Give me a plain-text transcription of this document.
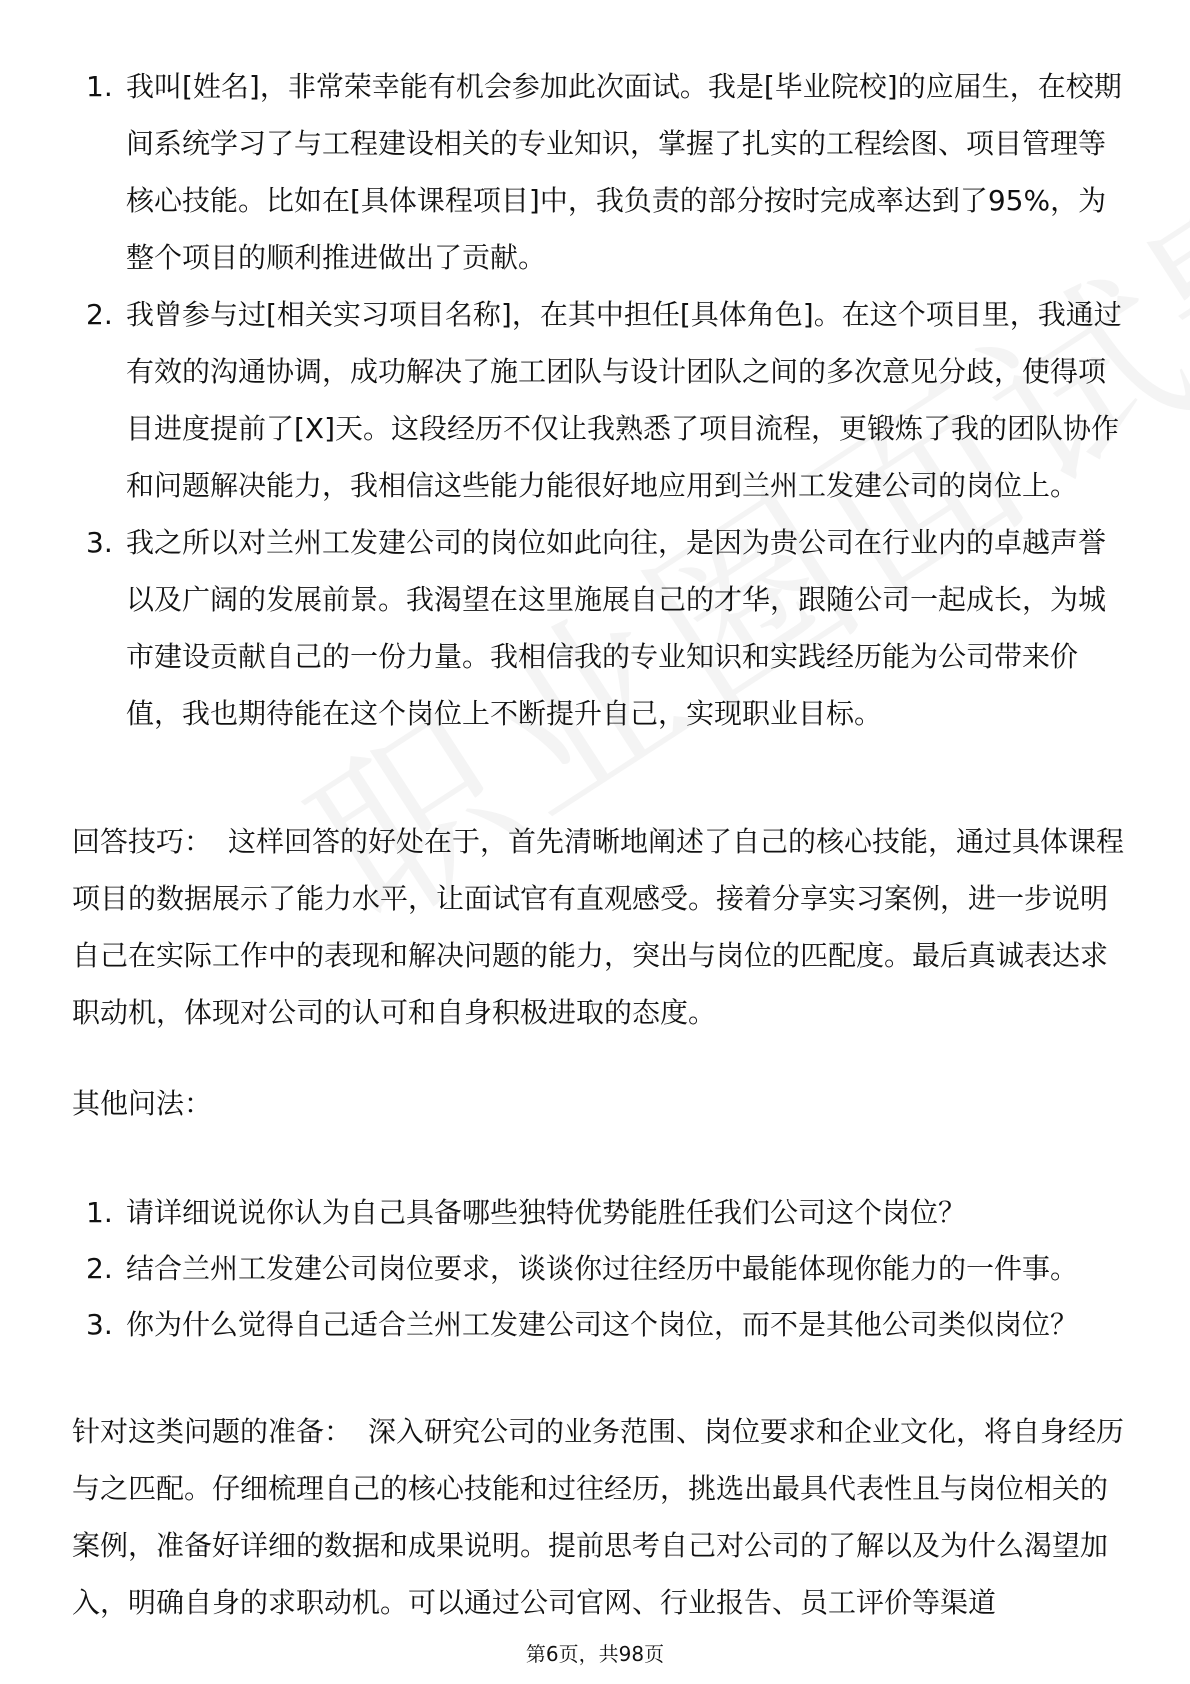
1. 我叫[姓名]，非常荣幸能有机会参加此次面试。我是[毕业院校]的应届生，在校期间系统学习了与工程建设相关的专业知识，掌握了扎实的工程绘图、项目管理等核心技能。比如在[具体课程项目]中，我负责的部分按时完成率达到了95%，为整个项目的顺利推进做出了贡献。
2. 我曾参与过[相关实习项目名称]，在其中担任[具体角色]。在这个项目里，我通过有效的沟通协调，成功解决了施工团队与设计团队之间的多次意见分歧，使得项目进度提前了[X]天。这段经历不仅让我熟悉了项目流程，更锻炼了我的团队协作和问题解决能力，我相信这些能力能很好地应用到兰州工发建公司的岗位上。
3. 我之所以对兰州工发建公司的岗位如此向往，是因为贵公司在行业内的卓越声誉以及广阔的发展前景。我渴望在这里施展自己的才华，跟随公司一起成长，为城市建设贡献自己的一份力量。我相信我的专业知识和实践经历能为公司带来价值，我也期待能在这个岗位上不断提升自己，实现职业目标。

回答技巧： 这样回答的好处在于，首先清晰地阐述了自己的核心技能，通过具体课程项目的数据展示了能力水平，让面试官有直观感受。接着分享实习案例，进一步说明自己在实际工作中的表现和解决问题的能力，突出与岗位的匹配度。最后真诚表达求职动机，体现对公司的认可和自身积极进取的态度。

其他问法：

1. 请详细说说你认为自己具备哪些独特优势能胜任我们公司这个岗位？
2. 结合兰州工发建公司岗位要求，谈谈你过往经历中最能体现你能力的一件事。
3. 你为什么觉得自己适合兰州工发建公司这个岗位，而不是其他公司类似岗位？

针对这类问题的准备： 深入研究公司的业务范围、岗位要求和企业文化，将自身经历与之匹配。仔细梳理自己的核心技能和过往经历，挑选出最具代表性且与岗位相关的案例，准备好详细的数据和成果说明。提前思考自己对公司的了解以及为什么渴望加入，明确自身的求职动机。可以通过公司官网、行业报告、员工评价等渠道

第6页，共98页
